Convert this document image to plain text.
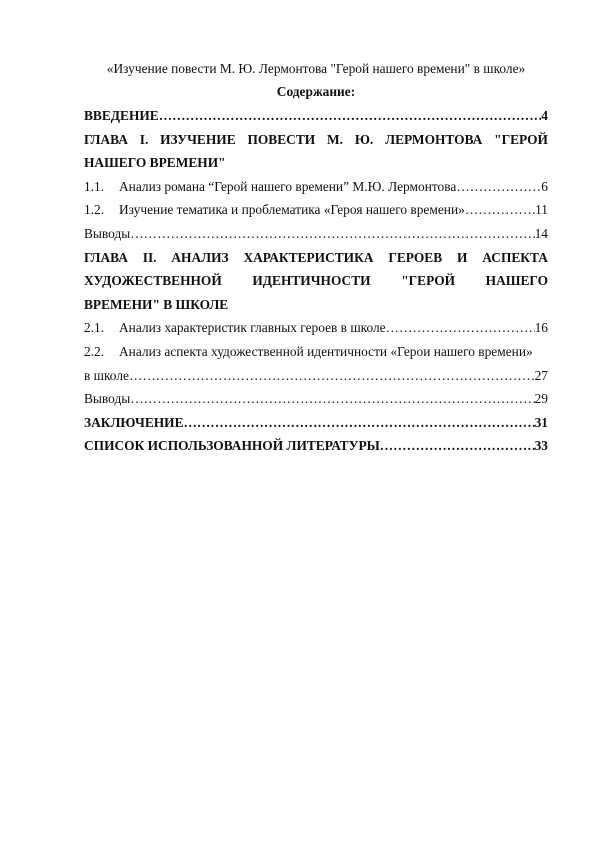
«Изучение повести М. Ю. Лермонтова "Герой нашего времени" в школе»
Содержание:
ВВЕДЕНИЕ ………………………………………………………………………………………………………………………………………………………………………	4
ГЛАВА I. ИЗУЧЕНИЕ ПОВЕСТИ М. Ю. ЛЕРМОНТОВА "ГЕРОЙ
НАШЕГО ВРЕМЕНИ"
1.1.	Анализ романа “Герой нашего времени” М.Ю. Лермонтова ………………………………………………………………………………………………………………………………………………………………………	6
1.2.	Изучение тематика и проблематика «Героя нашего времени» ………………………………………………………………………………………………………………………………………………………………………	11
Выводы ………………………………………………………………………………………………………………………………………………………………………	14
ГЛАВА II. АНАЛИЗ ХАРАКТЕРИСТИКА ГЕРОЕВ И АСПЕКТА
ХУДОЖЕСТВЕННОЙ ИДЕНТИЧНОСТИ "ГЕРОЙ НАШЕГО
ВРЕМЕНИ" В ШКОЛЕ
2.1.	Анализ характеристик главных героев в школе ………………………………………………………………………………………………………………………………………………………………………	16
2.2.	Анализ аспекта художественной идентичности «Герои нашего времени»
в школе ………………………………………………………………………………………………………………………………………………………………………	27
Выводы ………………………………………………………………………………………………………………………………………………………………………	29
ЗАКЛЮЧЕНИЕ ………………………………………………………………………………………………………………………………………………………………………	31
СПИСОК ИСПОЛЬЗОВАННОЙ ЛИТЕРАТУРЫ ………………………………………………………………………………………………………………………………………………………………………	33
